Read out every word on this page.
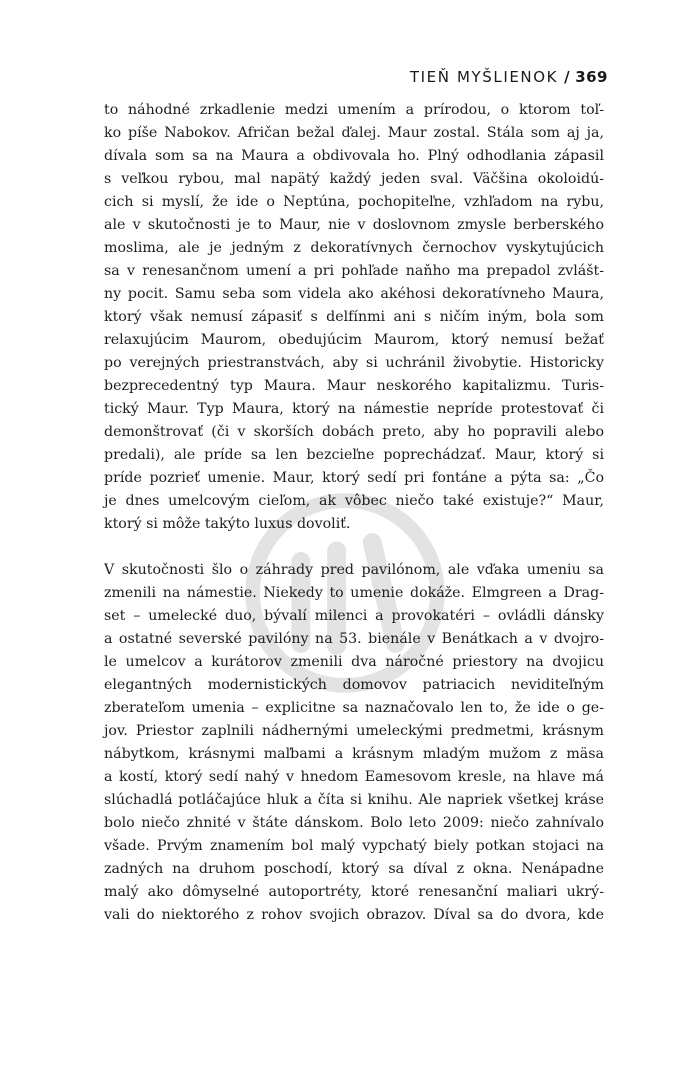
TIEŇ MYŠLIENOK / 369
to náhodné zrkadlenie medzi umením a prírodou, o ktorom toľ-
ko píše Nabokov. Afričan bežal ďalej. Maur zostal. Stála som aj ja,
dívala som sa na Maura a obdivovala ho. Plný odhodlania zápasil
s veľkou rybou, mal napätý každý jeden sval. Väčšina okoloidú-
cich si myslí, že ide o Neptúna, pochopiteľne, vzhľadom na rybu,
ale v skutočnosti je to Maur, nie v doslovnom zmysle berberského
moslima, ale je jedným z dekoratívnych černochov vyskytujúcich
sa v renesančnom umení a pri pohľade naňho ma prepadol zvlášt-
ny pocit. Samu seba som videla ako akéhosi dekoratívneho Maura,
ktorý však nemusí zápasiť s delfínmi ani s ničím iným, bola som
relaxujúcim Maurom, obedujúcim Maurom, ktorý nemusí bežať
po verejných priestranstvách, aby si uchránil živobytie. Historicky
bezprecedentný typ Maura. Maur neskorého kapitalizmu. Turis-
tický Maur. Typ Maura, ktorý na námestie nepríde protestovať či
demonštrovať (či v skorších dobách preto, aby ho popravili alebo
predali), ale príde sa len bezcieľne poprechádzať. Maur, ktorý si
príde pozrieť umenie. Maur, ktorý sedí pri fontáne a pýta sa: „Čo
je dnes umelcovým cieľom, ak vôbec niečo také existuje?“ Maur,
ktorý si môže takýto luxus dovoliť.
V skutočnosti šlo o záhrady pred pavilónom, ale vďaka umeniu sa
zmenili na námestie. Niekedy to umenie dokáže. Elmgreen a Drag-
set – umelecké duo, bývalí milenci a provokatéri – ovládli dánsky
a ostatné severské pavilóny na 53. bienále v Benátkach a v dvojro-
le umelcov a kurátorov zmenili dva náročné priestory na dvojicu
elegantných modernistických domovov patriacich neviditeľným
zberateľom umenia – explicitne sa naznačovalo len to, že ide o ge-
jov. Priestor zaplnili nádhernými umeleckými predmetmi, krásnym
nábytkom, krásnymi maľbami a krásnym mladým mužom z mäsa
a kostí, ktorý sedí nahý v hnedom Eamesovom kresle, na hlave má
slúchadlá potláčajúce hluk a číta si knihu. Ale napriek všetkej kráse
bolo niečo zhnité v štáte dánskom. Bolo leto 2009: niečo zahnívalo
všade. Prvým znamením bol malý vypchatý biely potkan stojaci na
zadných na druhom poschodí, ktorý sa díval z okna. Nenápadne
malý ako dômyselné autoportréty, ktoré renesanční maliari ukrý-
vali do niektorého z rohov svojich obrazov. Díval sa do dvora, kde
